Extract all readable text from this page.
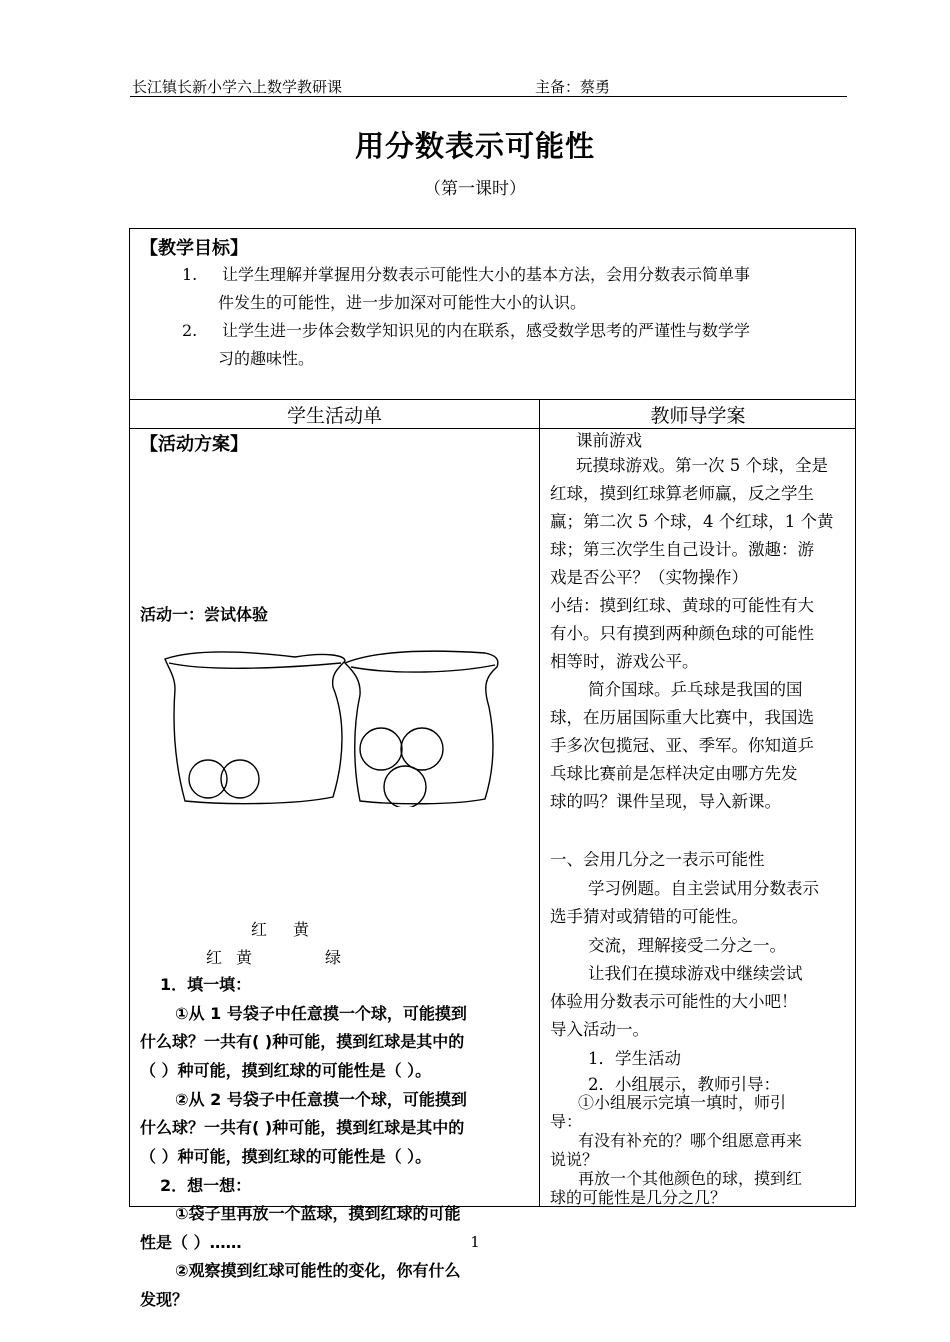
长江镇长新小学六上数学教研课	主备：蔡勇
用分数表示可能性
（第一课时）
【教学目标】
1. 让学生理解并掌握用分数表示可能性大小的基本方法，会用分数表示简单事
件发生的可能性，进一步加深对可能性大小的认识。
2. 让学生进一步体会数学知识见的内在联系，感受数学思考的严谨性与数学学
习的趣味性。
学生活动单	教师导学案
【活动方案】
活动一：尝试体验
红 黄
红 黄	绿
1．填一填：
①从 1 号袋子中任意摸一个球，可能摸到
什么球？一共有( )种可能，摸到红球是其中的
（ ）种可能，摸到红球的可能性是（ ）。
②从 2 号袋子中任意摸一个球，可能摸到
什么球？一共有( )种可能，摸到红球是其中的
（ ）种可能，摸到红球的可能性是（ ）。
2．想一想：
①袋子里再放一个蓝球，摸到红球的可能
性是（ ）……
②观察摸到红球可能性的变化，你有什么
发现？
课前游戏
玩摸球游戏。第一次 5 个球，全是
红球，摸到红球算老师赢，反之学生
赢；第二次 5 个球，4 个红球，1 个黄
球；第三次学生自己设计。激趣：游
戏是否公平？（实物操作）
小结：摸到红球、黄球的可能性有大
有小。只有摸到两种颜色球的可能性
相等时，游戏公平。
简介国球。乒乓球是我国的国
球，在历届国际重大比赛中，我国选
手多次包揽冠、亚、季军。你知道乒
乓球比赛前是怎样决定由哪方先发
球的吗？课件呈现，导入新课。
一、会用几分之一表示可能性
学习例题。自主尝试用分数表示
选手猜对或猜错的可能性。
交流，理解接受二分之一。
让我们在摸球游戏中继续尝试
体验用分数表示可能性的大小吧！
导入活动一。
1．学生活动
2．小组展示，教师引导：
①小组展示完填一填时，师引
导：
有没有补充的？哪个组愿意再来
说说？
再放一个其他颜色的球，摸到红
球的可能性是几分之几？
1
